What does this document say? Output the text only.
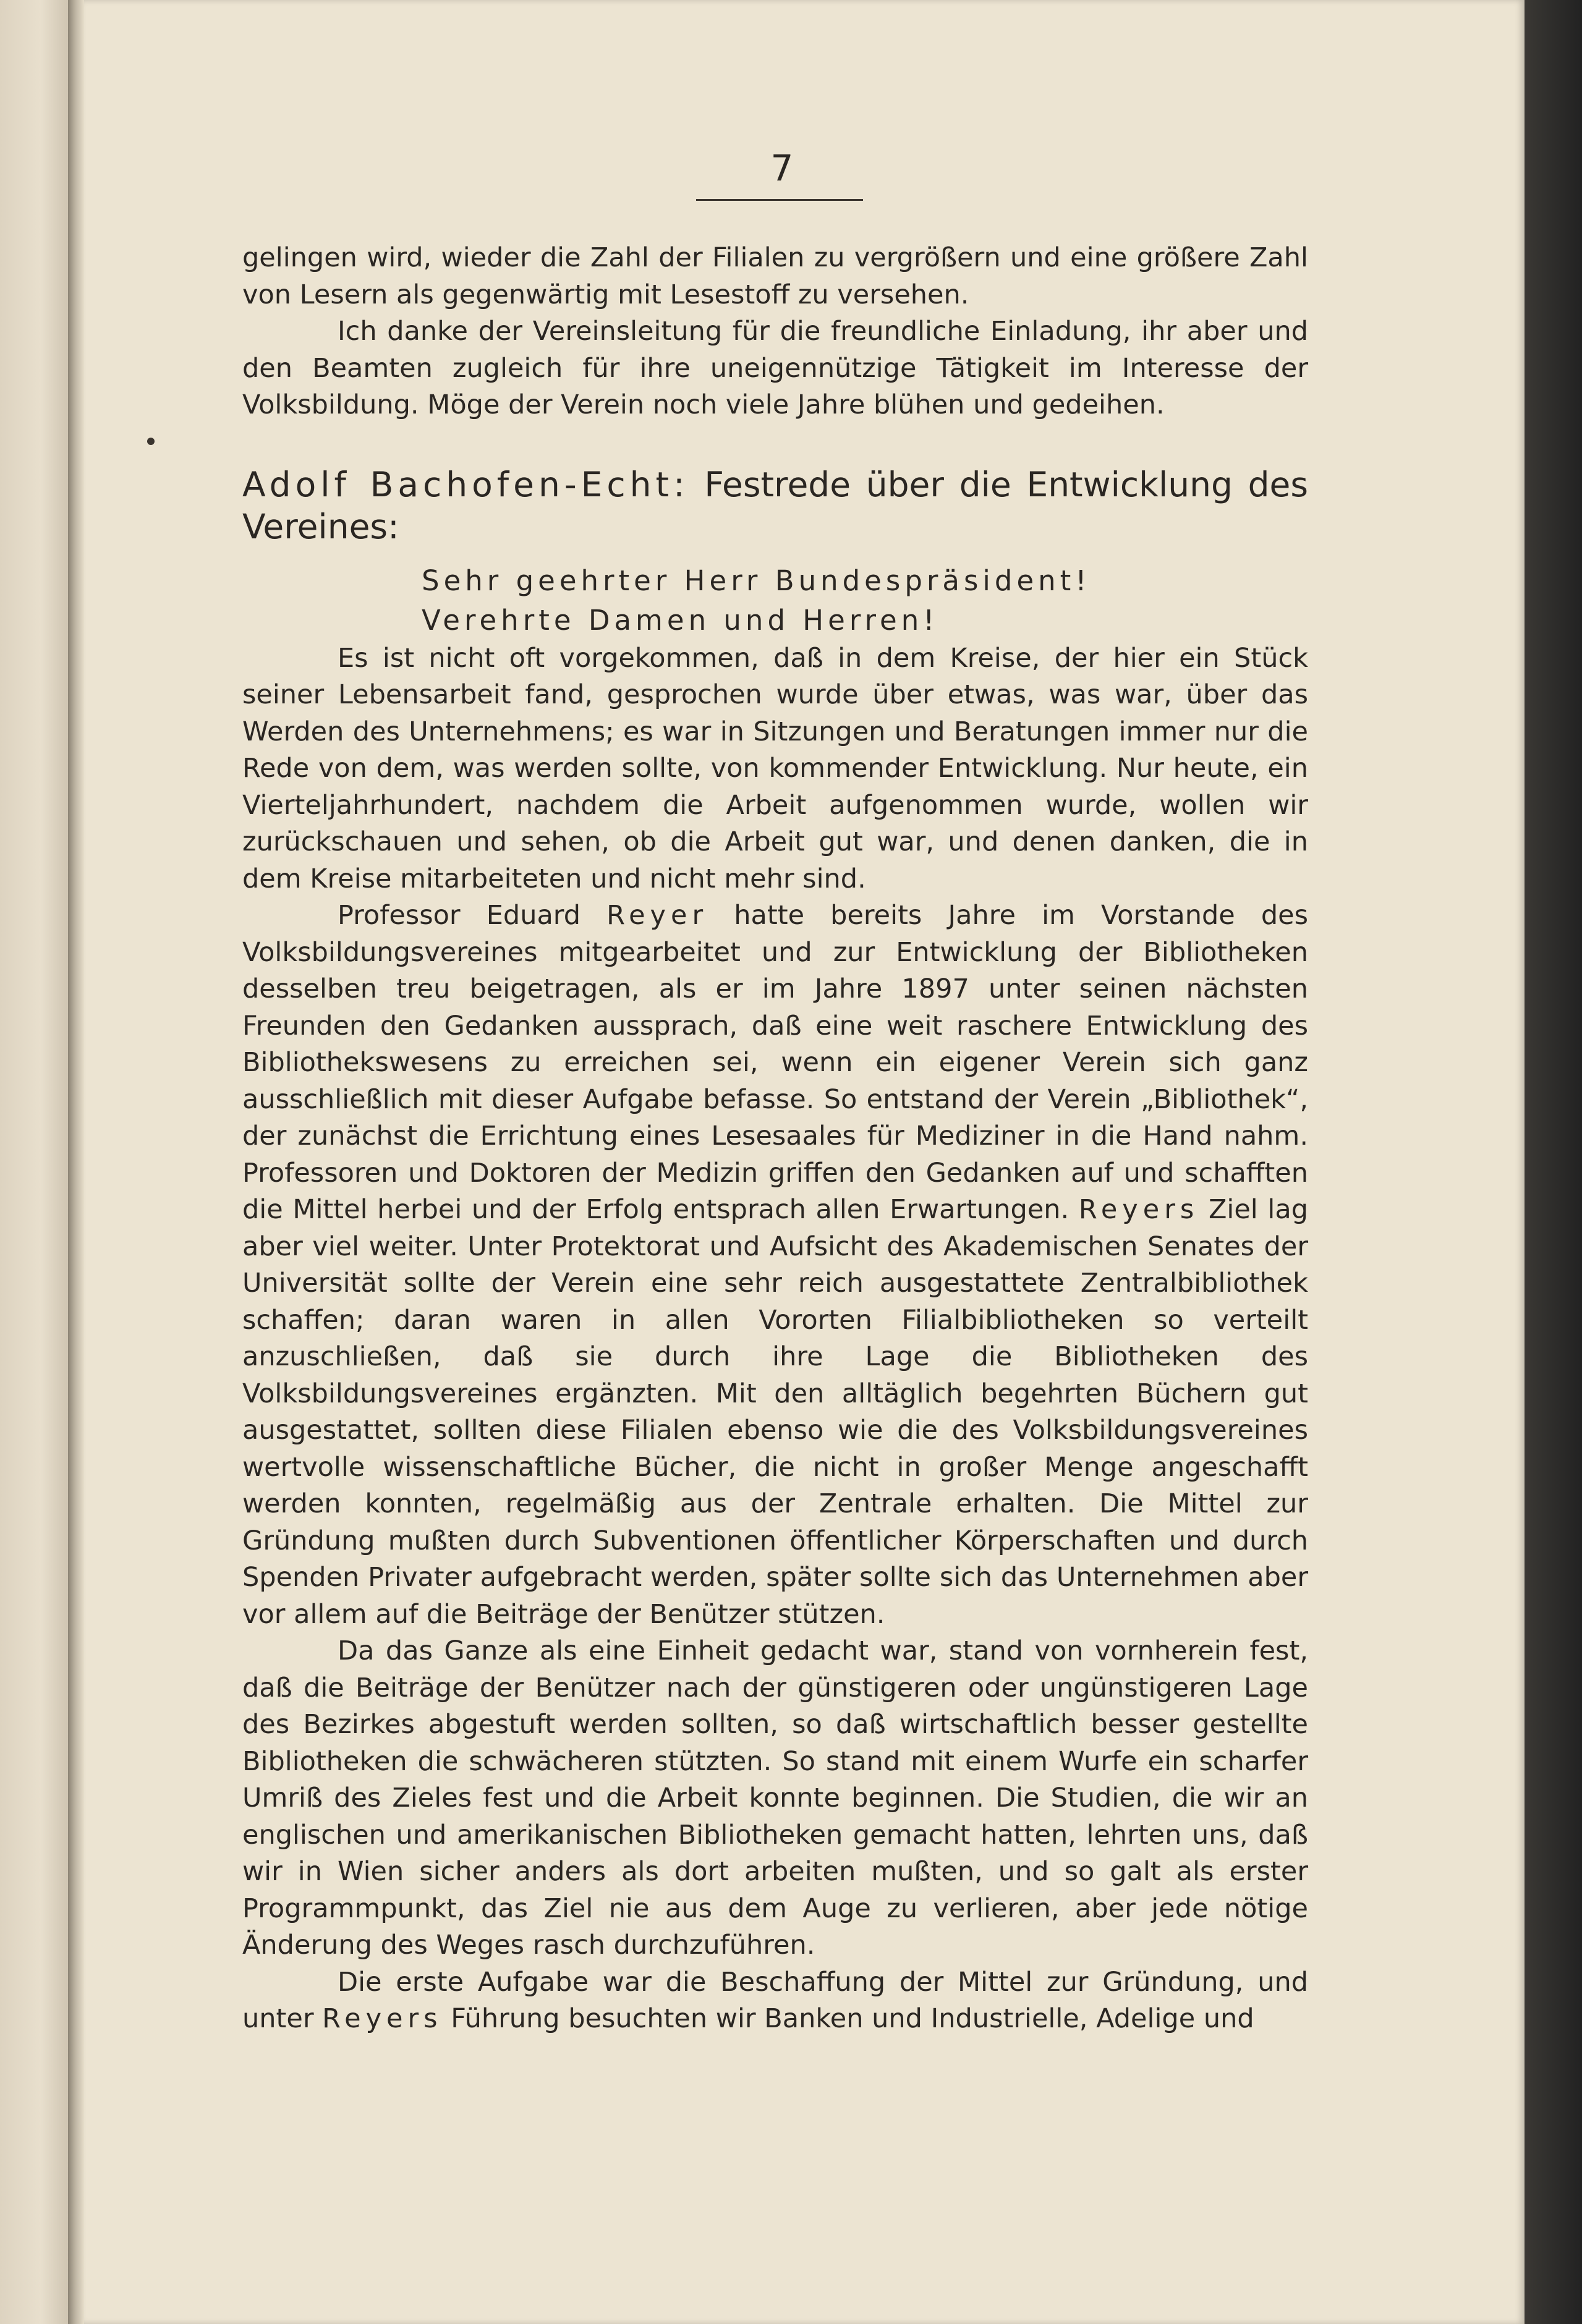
7

gelingen wird, wieder die Zahl der Filialen zu vergrößern und eine größere Zahl von Lesern als gegenwärtig mit Lesestoff zu versehen.

Ich danke der Vereinsleitung für die freundliche Einladung, ihr aber und den Beamten zugleich für ihre uneigennützige Tätigkeit im Interesse der Volksbildung. Möge der Verein noch viele Jahre blühen und gedeihen.

Adolf Bachofen-Echt: Festrede über die Entwicklung des Vereines:

Sehr geehrter Herr Bundespräsident!

Verehrte Damen und Herren!

Es ist nicht oft vorgekommen, daß in dem Kreise, der hier ein Stück seiner Lebensarbeit fand, gesprochen wurde über etwas, was war, über das Werden des Unternehmens; es war in Sitzungen und Beratungen immer nur die Rede von dem, was werden sollte, von kommender Entwicklung. Nur heute, ein Vierteljahrhundert, nachdem die Arbeit aufgenommen wurde, wollen wir zurückschauen und sehen, ob die Arbeit gut war, und denen danken, die in dem Kreise mitarbeiteten und nicht mehr sind.

Professor Eduard Reyer hatte bereits Jahre im Vorstande des Volksbildungsvereines mitgearbeitet und zur Entwicklung der Bibliotheken desselben treu beigetragen, als er im Jahre 1897 unter seinen nächsten Freunden den Gedanken aussprach, daß eine weit raschere Entwicklung des Bibliothekswesens zu erreichen sei, wenn ein eigener Verein sich ganz ausschließlich mit dieser Aufgabe befasse. So entstand der Verein „Bibliothek“, der zunächst die Errichtung eines Lesesaales für Mediziner in die Hand nahm. Professoren und Doktoren der Medizin griffen den Gedanken auf und schafften die Mittel herbei und der Erfolg entsprach allen Erwartungen. Reyers Ziel lag aber viel weiter. Unter Protektorat und Aufsicht des Akademischen Senates der Universität sollte der Verein eine sehr reich ausgestattete Zentralbibliothek schaffen; daran waren in allen Vororten Filialbibliotheken so verteilt anzuschließen, daß sie durch ihre Lage die Bibliotheken des Volksbildungsvereines ergänzten. Mit den alltäglich begehrten Büchern gut ausgestattet, sollten diese Filialen ebenso wie die des Volksbildungsvereines wertvolle wissenschaftliche Bücher, die nicht in großer Menge angeschafft werden konnten, regelmäßig aus der Zentrale erhalten. Die Mittel zur Gründung mußten durch Subventionen öffentlicher Körperschaften und durch Spenden Privater aufgebracht werden, später sollte sich das Unternehmen aber vor allem auf die Beiträge der Benützer stützen.

Da das Ganze als eine Einheit gedacht war, stand von vornherein fest, daß die Beiträge der Benützer nach der günstigeren oder ungünstigeren Lage des Bezirkes abgestuft werden sollten, so daß wirtschaftlich besser gestellte Bibliotheken die schwächeren stützten. So stand mit einem Wurfe ein scharfer Umriß des Zieles fest und die Arbeit konnte beginnen. Die Studien, die wir an englischen und amerikanischen Bibliotheken gemacht hatten, lehrten uns, daß wir in Wien sicher anders als dort arbeiten mußten, und so galt als erster Programmpunkt, das Ziel nie aus dem Auge zu verlieren, aber jede nötige Änderung des Weges rasch durchzuführen.

Die erste Aufgabe war die Beschaffung der Mittel zur Gründung, und unter Reyers Führung besuchten wir Banken und Industrielle, Adelige und
